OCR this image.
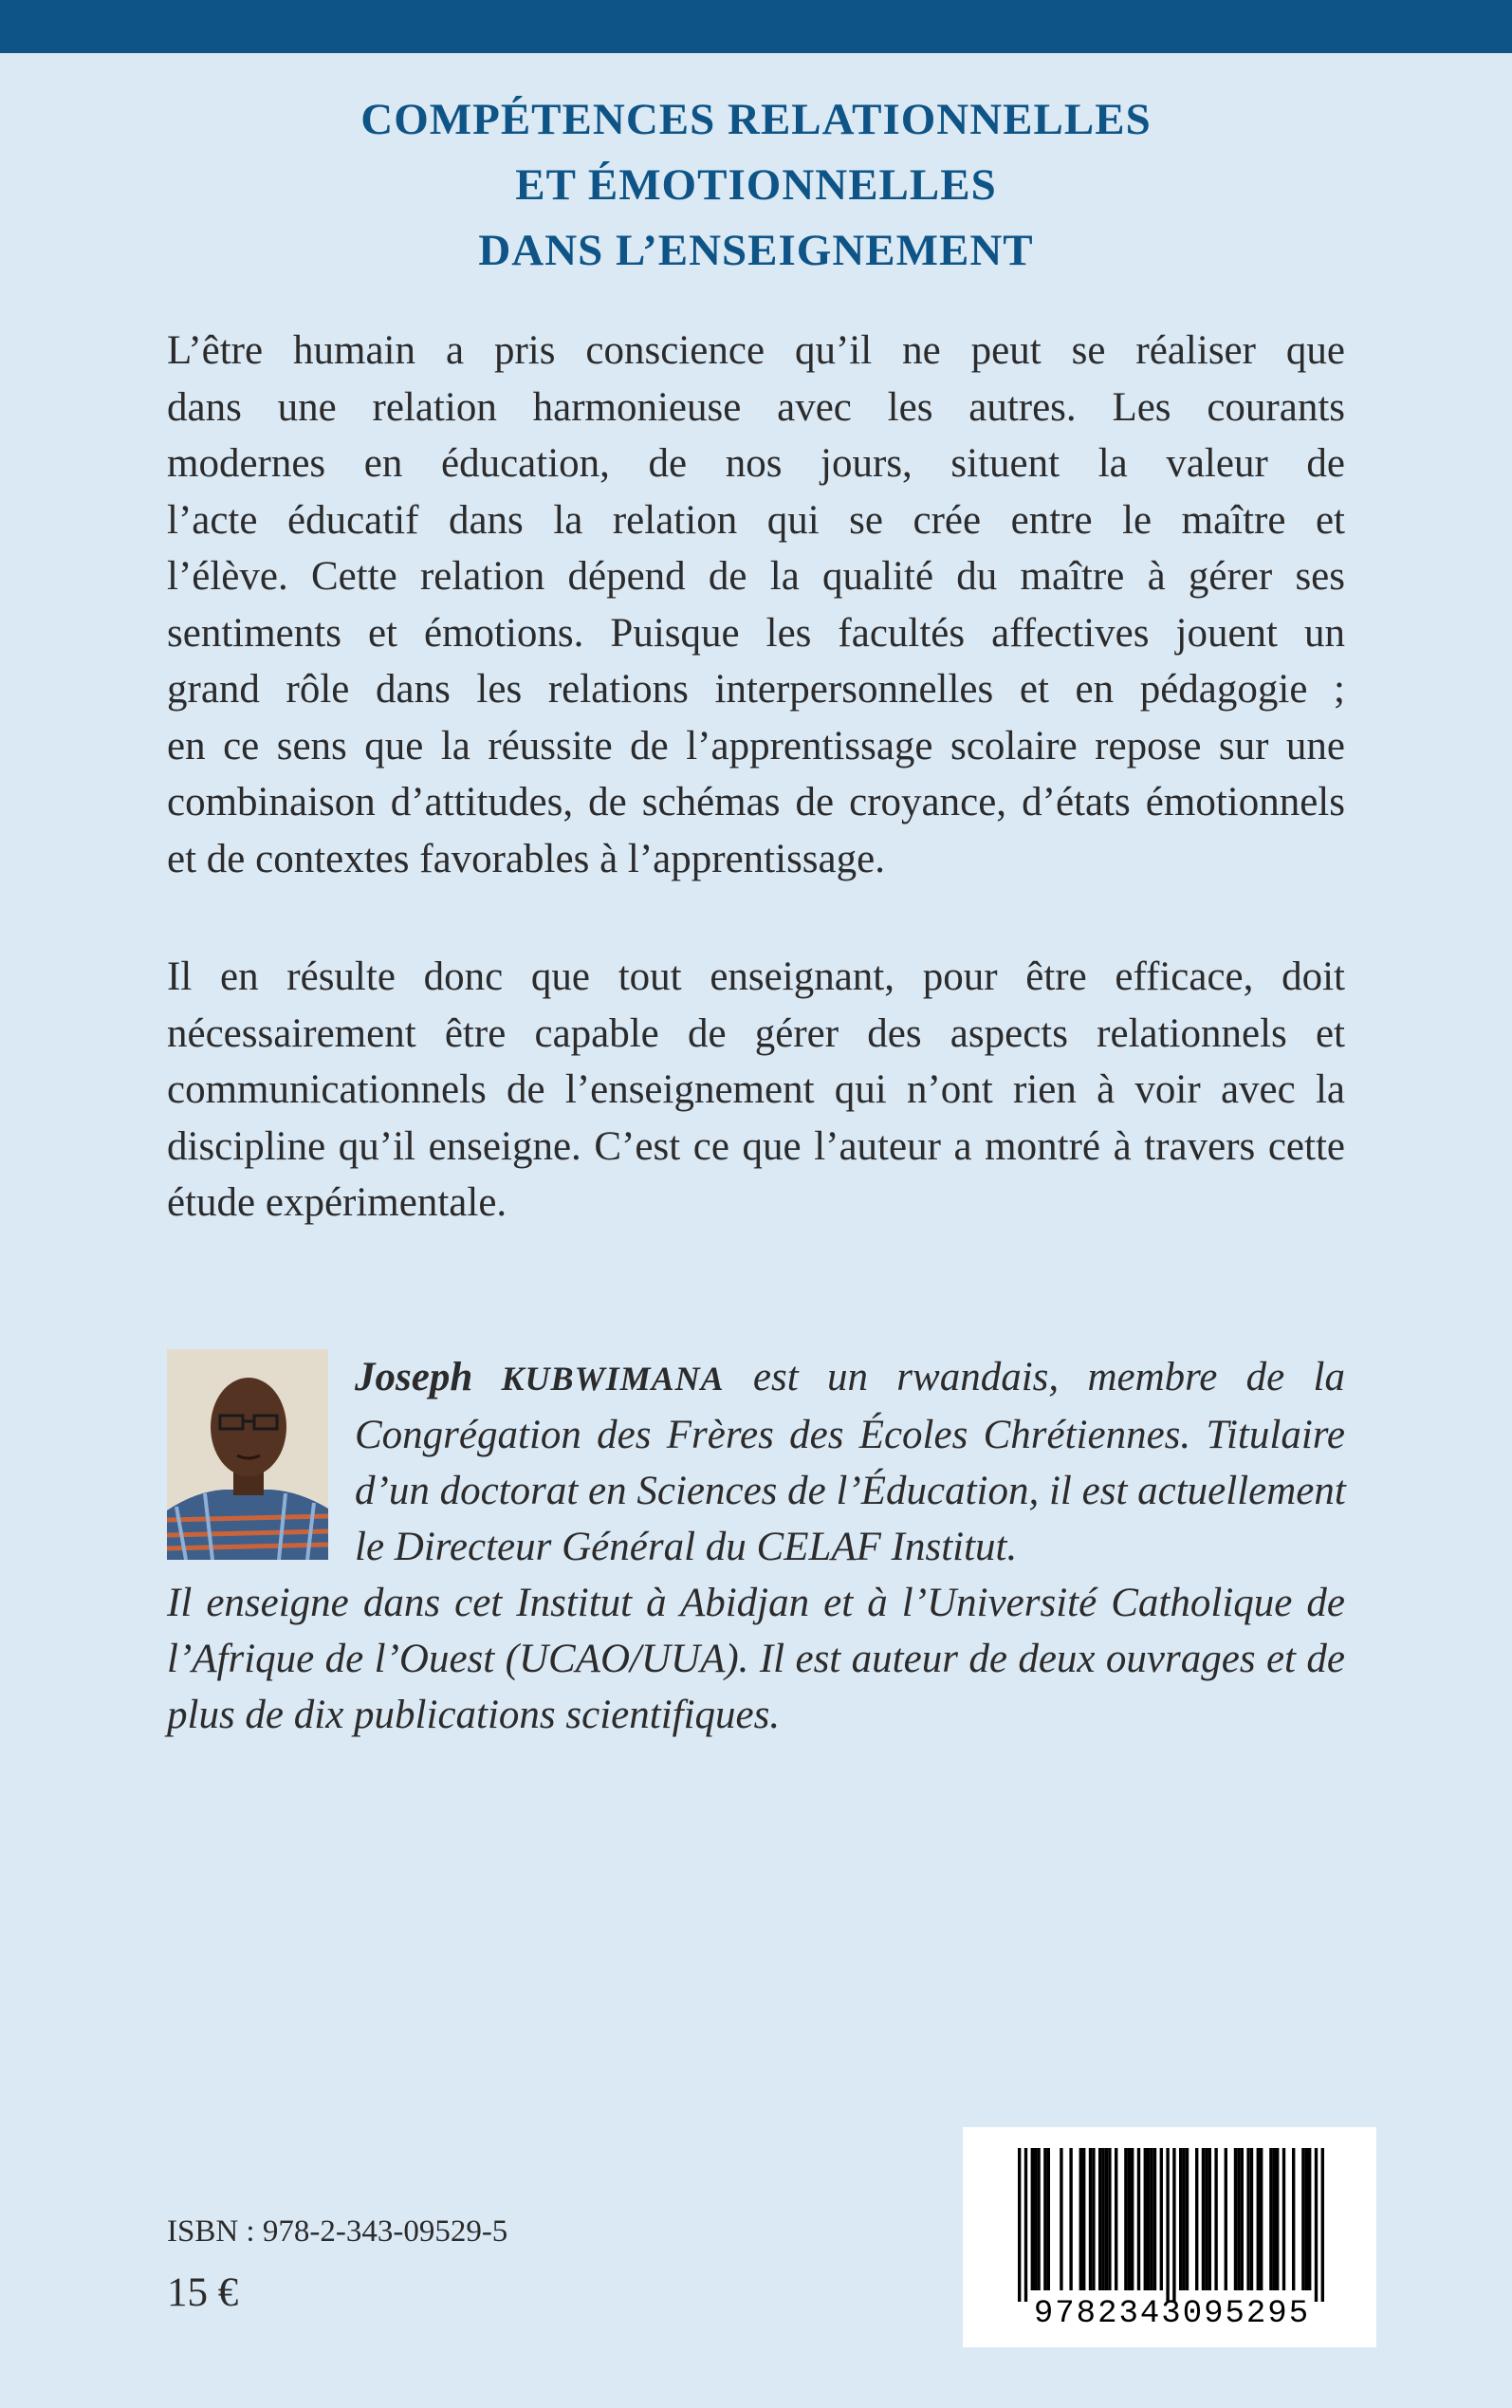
COMPÉTENCES RELATIONNELLES
ET ÉMOTIONNELLES
DANS L’ENSEIGNEMENT
L’être humain a pris conscience qu’il ne peut se réaliser que
dans une relation harmonieuse avec les autres. Les courants
modernes en éducation, de nos jours, situent la valeur de
l’acte éducatif dans la relation qui se crée entre le maître et
l’élève. Cette relation dépend de la qualité du maître à gérer ses
sentiments et émotions. Puisque les facultés affectives jouent un
grand rôle dans les relations interpersonnelles et en pédagogie ;
en ce sens que la réussite de l’apprentissage scolaire repose sur une
combinaison d’attitudes, de schémas de croyance, d’états émotionnels
et de contextes favorables à l’apprentissage.
Il en résulte donc que tout enseignant, pour être efficace, doit
nécessairement être capable de gérer des aspects relationnels et
communicationnels de l’enseignement qui n’ont rien à voir avec la
discipline qu’il enseigne. C’est ce que l’auteur a montré à travers cette
étude expérimentale.
Joseph KUBWIMANA est un rwandais, membre de la
Congrégation des Frères des Écoles Chrétiennes. Titulaire
d’un doctorat en Sciences de l’Éducation, il est actuellement
le Directeur Général du CELAF Institut.
Il enseigne dans cet Institut à Abidjan et à l’Université Catholique de
l’Afrique de l’Ouest (UCAO/UUA). Il est auteur de deux ouvrages et de
plus de dix publications scientifiques.
ISBN : 978-2-343-09529-5
15 €	9782343095295
